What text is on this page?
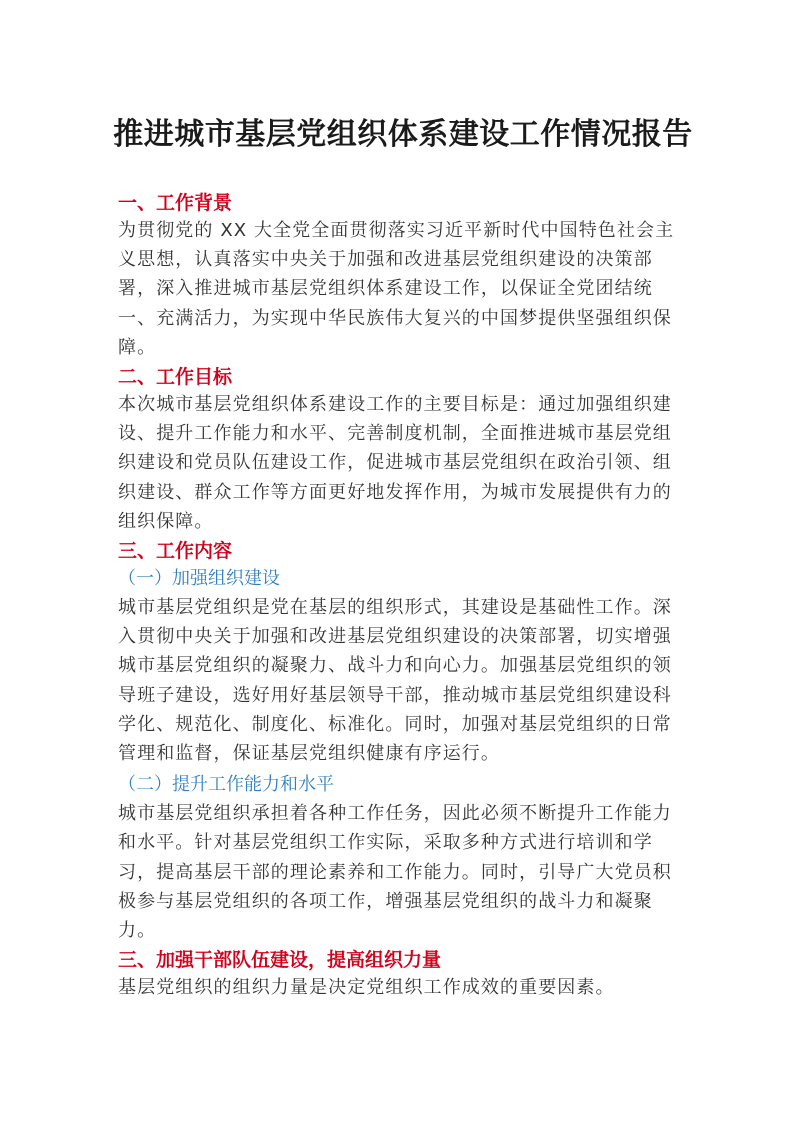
推进城市基层党组织体系建设工作情况报告
一、工作背景
为贯彻党的 XX 大全党全面贯彻落实习近平新时代中国特色社会主义思想，认真落实中央关于加强和改进基层党组织建设的决策部署，深入推进城市基层党组织体系建设工作，以保证全党团结统一、充满活力，为实现中华民族伟大复兴的中国梦提供坚强组织保障。
二、工作目标
本次城市基层党组织体系建设工作的主要目标是：通过加强组织建设、提升工作能力和水平、完善制度机制，全面推进城市基层党组织建设和党员队伍建设工作，促进城市基层党组织在政治引领、组织建设、群众工作等方面更好地发挥作用，为城市发展提供有力的组织保障。
三、工作内容
（一）加强组织建设
城市基层党组织是党在基层的组织形式，其建设是基础性工作。深入贯彻中央关于加强和改进基层党组织建设的决策部署，切实增强城市基层党组织的凝聚力、战斗力和向心力。加强基层党组织的领导班子建设，选好用好基层领导干部，推动城市基层党组织建设科学化、规范化、制度化、标准化。同时，加强对基层党组织的日常管理和监督，保证基层党组织健康有序运行。
（二）提升工作能力和水平
城市基层党组织承担着各种工作任务，因此必须不断提升工作能力和水平。针对基层党组织工作实际，采取多种方式进行培训和学习，提高基层干部的理论素养和工作能力。同时，引导广大党员积极参与基层党组织的各项工作，增强基层党组织的战斗力和凝聚力。
三、加强干部队伍建设，提高组织力量
基层党组织的组织力量是决定党组织工作成效的重要因素。
